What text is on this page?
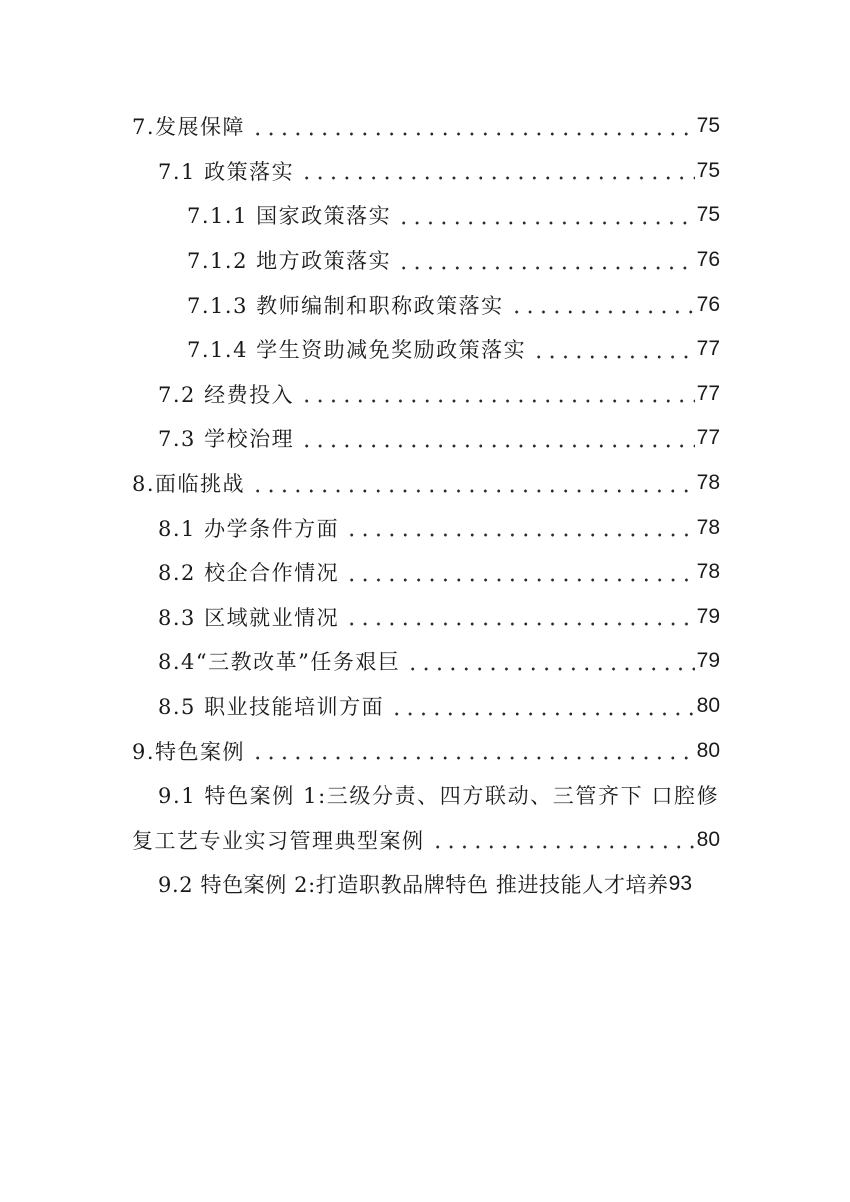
7.发展保障	75
7.1 政策落实	75
7.1.1 国家政策落实	75
7.1.2 地方政策落实	76
7.1.3 教师编制和职称政策落实	76
7.1.4 学生资助减免奖励政策落实	77
7.2 经费投入	77
7.3 学校治理	77
8.面临挑战	78
8.1 办学条件方面	78
8.2 校企合作情况	78
8.3 区域就业情况	79
8.4“三教改革”任务艰巨	79
8.5 职业技能培训方面	80
9.特色案例	80
9.1 特色案例 1:三级分责、四方联动、三管齐下 口腔修
复工艺专业实习管理典型案例	80
9.2 特色案例 2:打造职教品牌特色 推进技能人才培养 93
